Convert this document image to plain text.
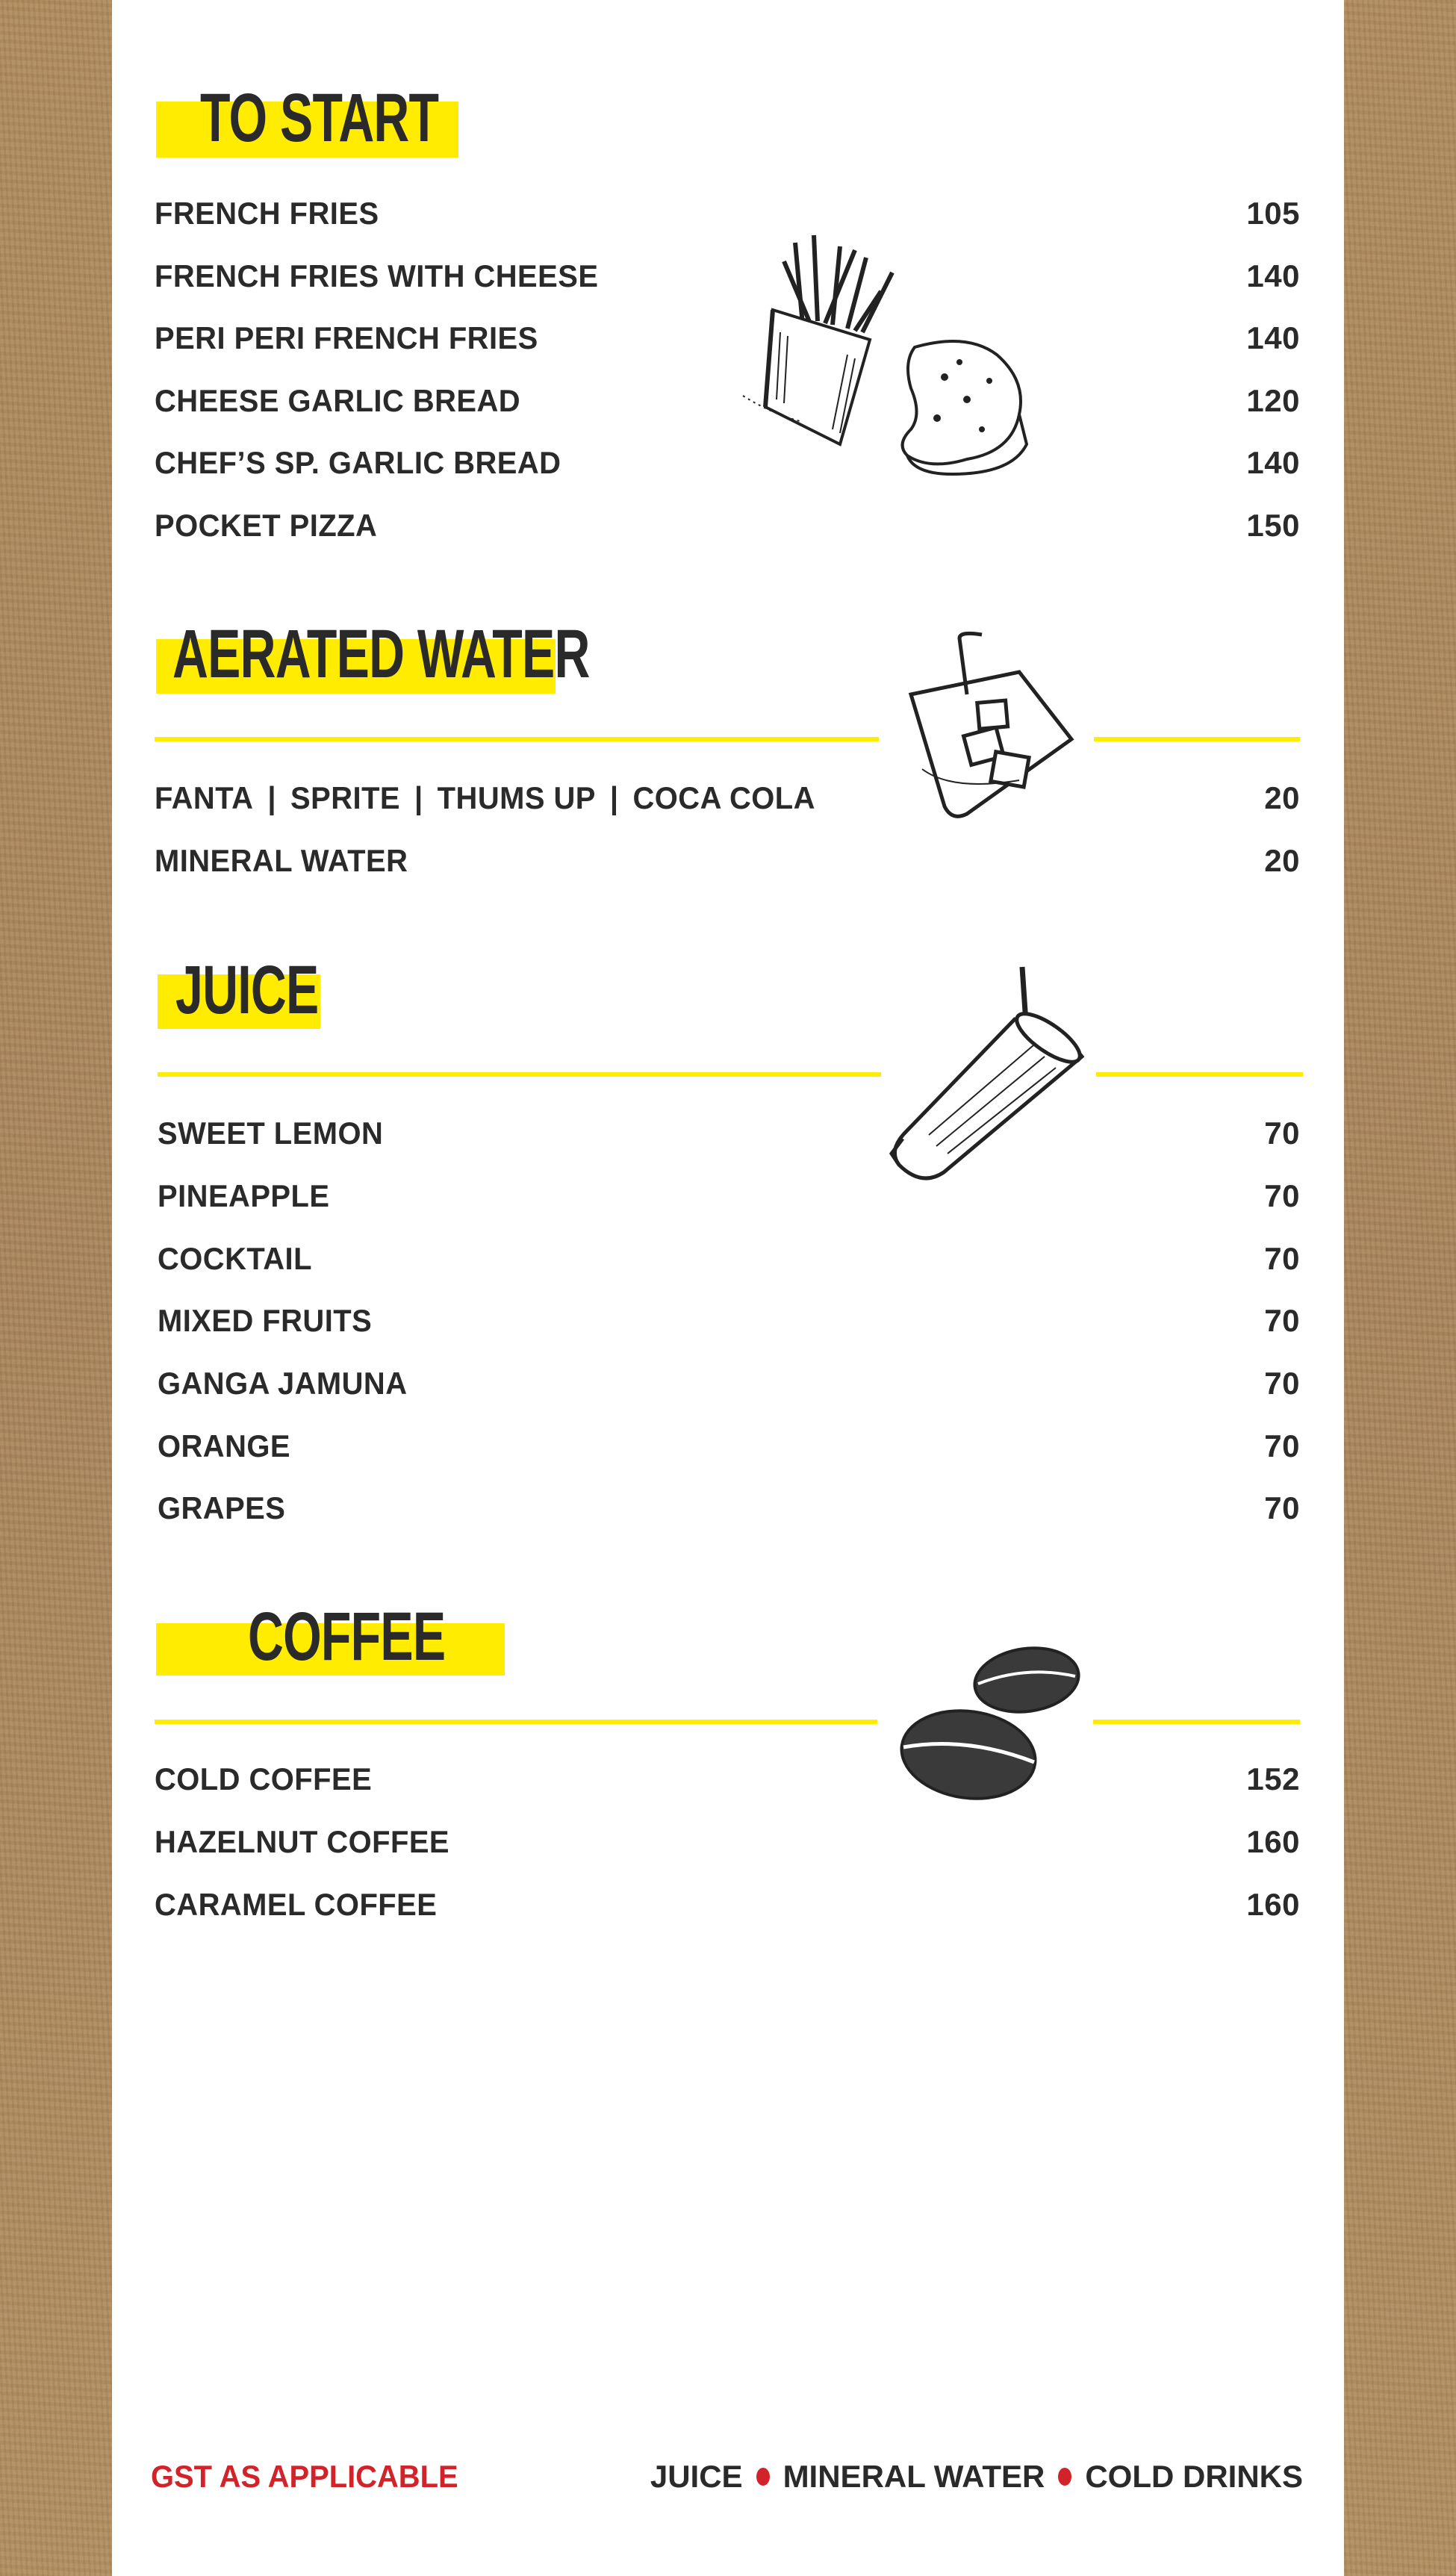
TO START
FRENCH FRIES	105
FRENCH FRIES WITH CHEESE	140
PERI PERI FRENCH FRIES	140
CHEESE GARLIC BREAD	120
CHEF’S SP. GARLIC BREAD	140
POCKET PIZZA	150
AERATED WATER
FANTA | SPRITE | THUMS UP | COCA COLA	20
MINERAL WATER	20
JUICE
SWEET LEMON	70
PINEAPPLE	70
COCKTAIL	70
MIXED FRUITS	70
GANGA JAMUNA	70
ORANGE	70
GRAPES	70
COFFEE
COLD COFFEE	152
HAZELNUT COFFEE	160
CARAMEL COFFEE	160
GST AS APPLICABLE	JUICE MINERAL WATER COLD DRINKS
